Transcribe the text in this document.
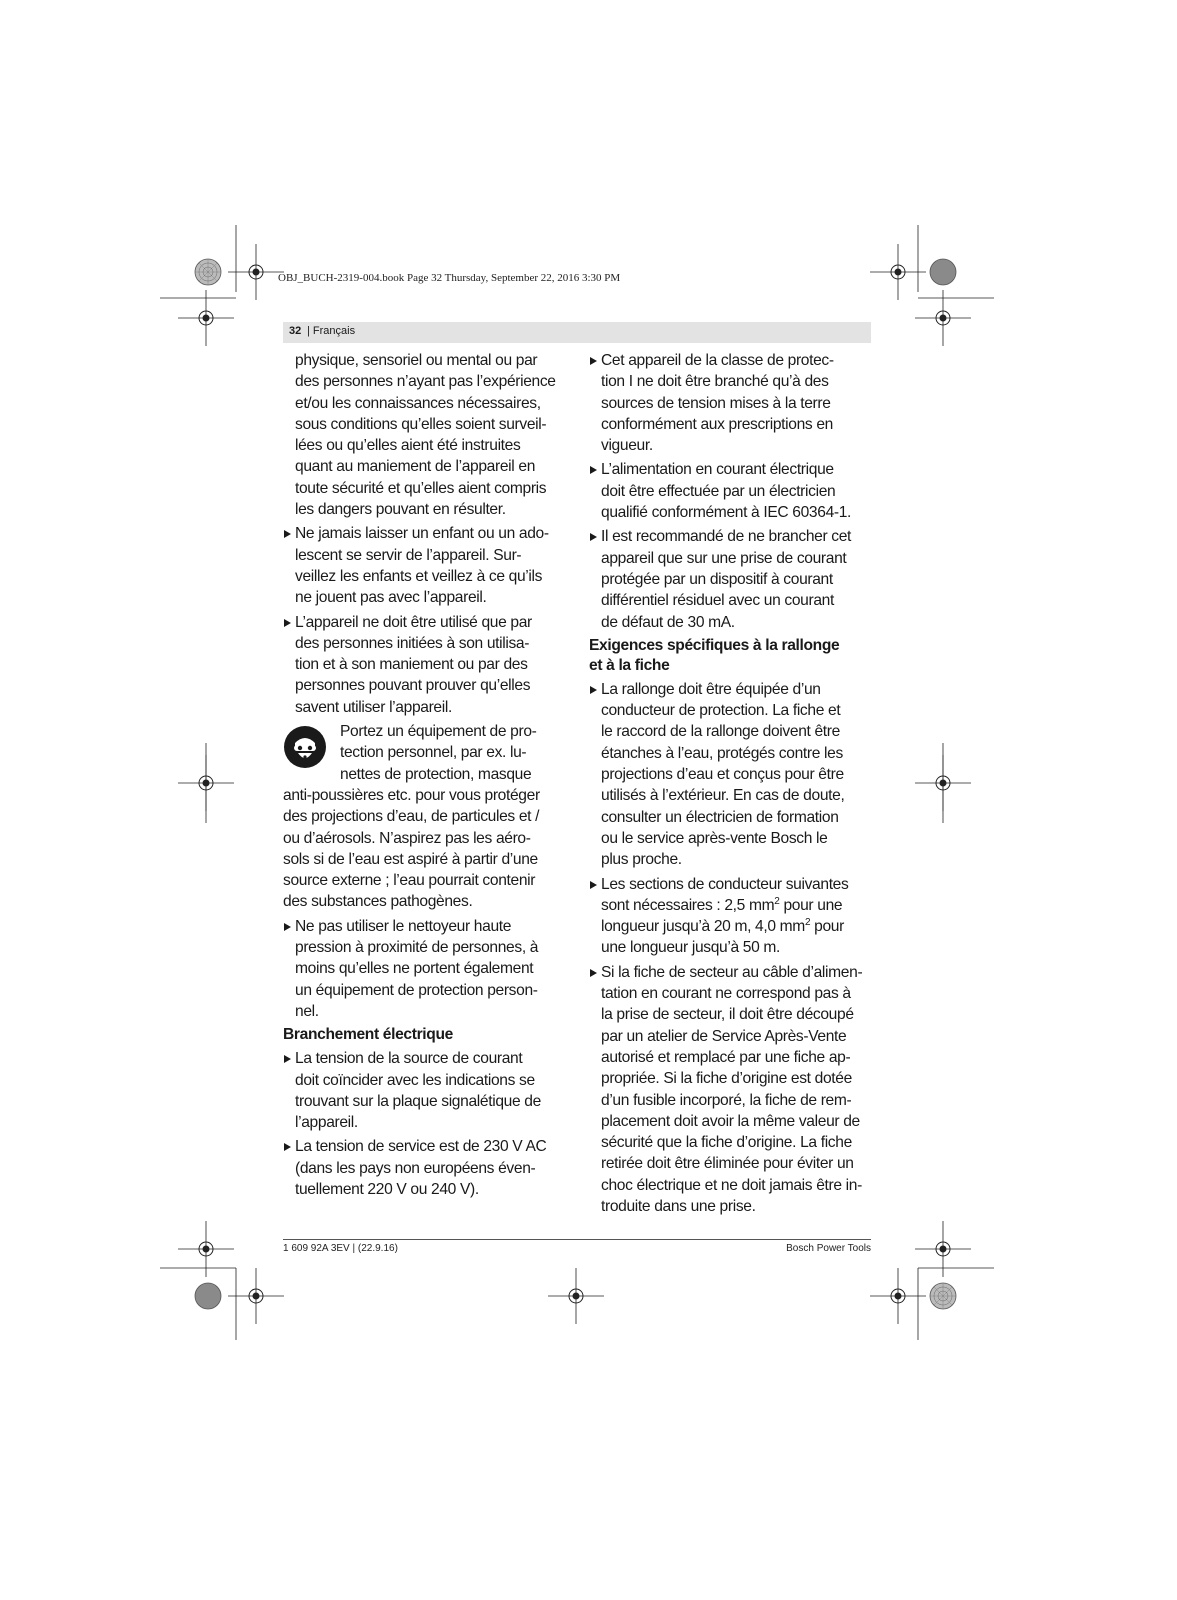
OBJ_BUCH-2319-004.book Page 32 Thursday, September 22, 2016 3:30 PM
32 | Français
physique, sensoriel ou mental ou par
des personnes n’ayant pas l’expérience
et/ou les connaissances nécessaires,
sous conditions qu’elles soient surveil-
lées ou qu’elles aient été instruites
quant au maniement de l’appareil en
toute sécurité et qu’elles aient compris
les dangers pouvant en résulter.
Ne jamais laisser un enfant ou un ado-
lescent se servir de l’appareil. Sur-
veillez les enfants et veillez à ce qu’ils
ne jouent pas avec l’appareil.
L’appareil ne doit être utilisé que par
des personnes initiées à son utilisa-
tion et à son maniement ou par des
personnes pouvant prouver qu’elles
savent utiliser l’appareil.
Portez un équipement de pro-
tection personnel, par ex. lu-
nettes de protection, masque
anti-poussières etc. pour vous protéger
des projections d’eau, de particules et /
ou d’aérosols. N’aspirez pas les aéro-
sols si de l’eau est aspiré à partir d’une
source externe ; l’eau pourrait contenir
des substances pathogènes.
Ne pas utiliser le nettoyeur haute
pression à proximité de personnes, à
moins qu’elles ne portent également
un équipement de protection person-
nel.
Branchement électrique
La tension de la source de courant
doit coïncider avec les indications se
trouvant sur la plaque signalétique de
l’appareil.
La tension de service est de 230 V AC
(dans les pays non européens éven-
tuellement 220 V ou 240 V).
Cet appareil de la classe de protec-
tion I ne doit être branché qu’à des
sources de tension mises à la terre
conformément aux prescriptions en
vigueur.
L’alimentation en courant électrique
doit être effectuée par un électricien
qualifié conformément à IEC 60364-1.
Il est recommandé de ne brancher cet
appareil que sur une prise de courant
protégée par un dispositif à courant
différentiel résiduel avec un courant
de défaut de 30 mA.
Exigences spécifiques à la rallonge
et à la fiche
La rallonge doit être équipée d’un
conducteur de protection. La fiche et
le raccord de la rallonge doivent être
étanches à l’eau, protégés contre les
projections d’eau et conçus pour être
utilisés à l’extérieur. En cas de doute,
consulter un électricien de formation
ou le service après-vente Bosch le
plus proche.
Les sections de conducteur suivantes
sont nécessaires : 2,5 $mm^2$ pour une
longueur jusqu’à 20 m, 4,0 $mm^2$ pour
une longueur jusqu’à 50 m.
Si la fiche de secteur au câble d’alimen-
tation en courant ne correspond pas à
la prise de secteur, il doit être découpé
par un atelier de Service Après-Vente
autorisé et remplacé par une fiche ap-
propriée. Si la fiche d’origine est dotée
d’un fusible incorporé, la fiche de rem-
placement doit avoir la même valeur de
sécurité que la fiche d’origine. La fiche
retirée doit être éliminée pour éviter un
choc électrique et ne doit jamais être in-
troduite dans une prise.
1 609 92A 3EV | (22.9.16)	Bosch Power Tools
